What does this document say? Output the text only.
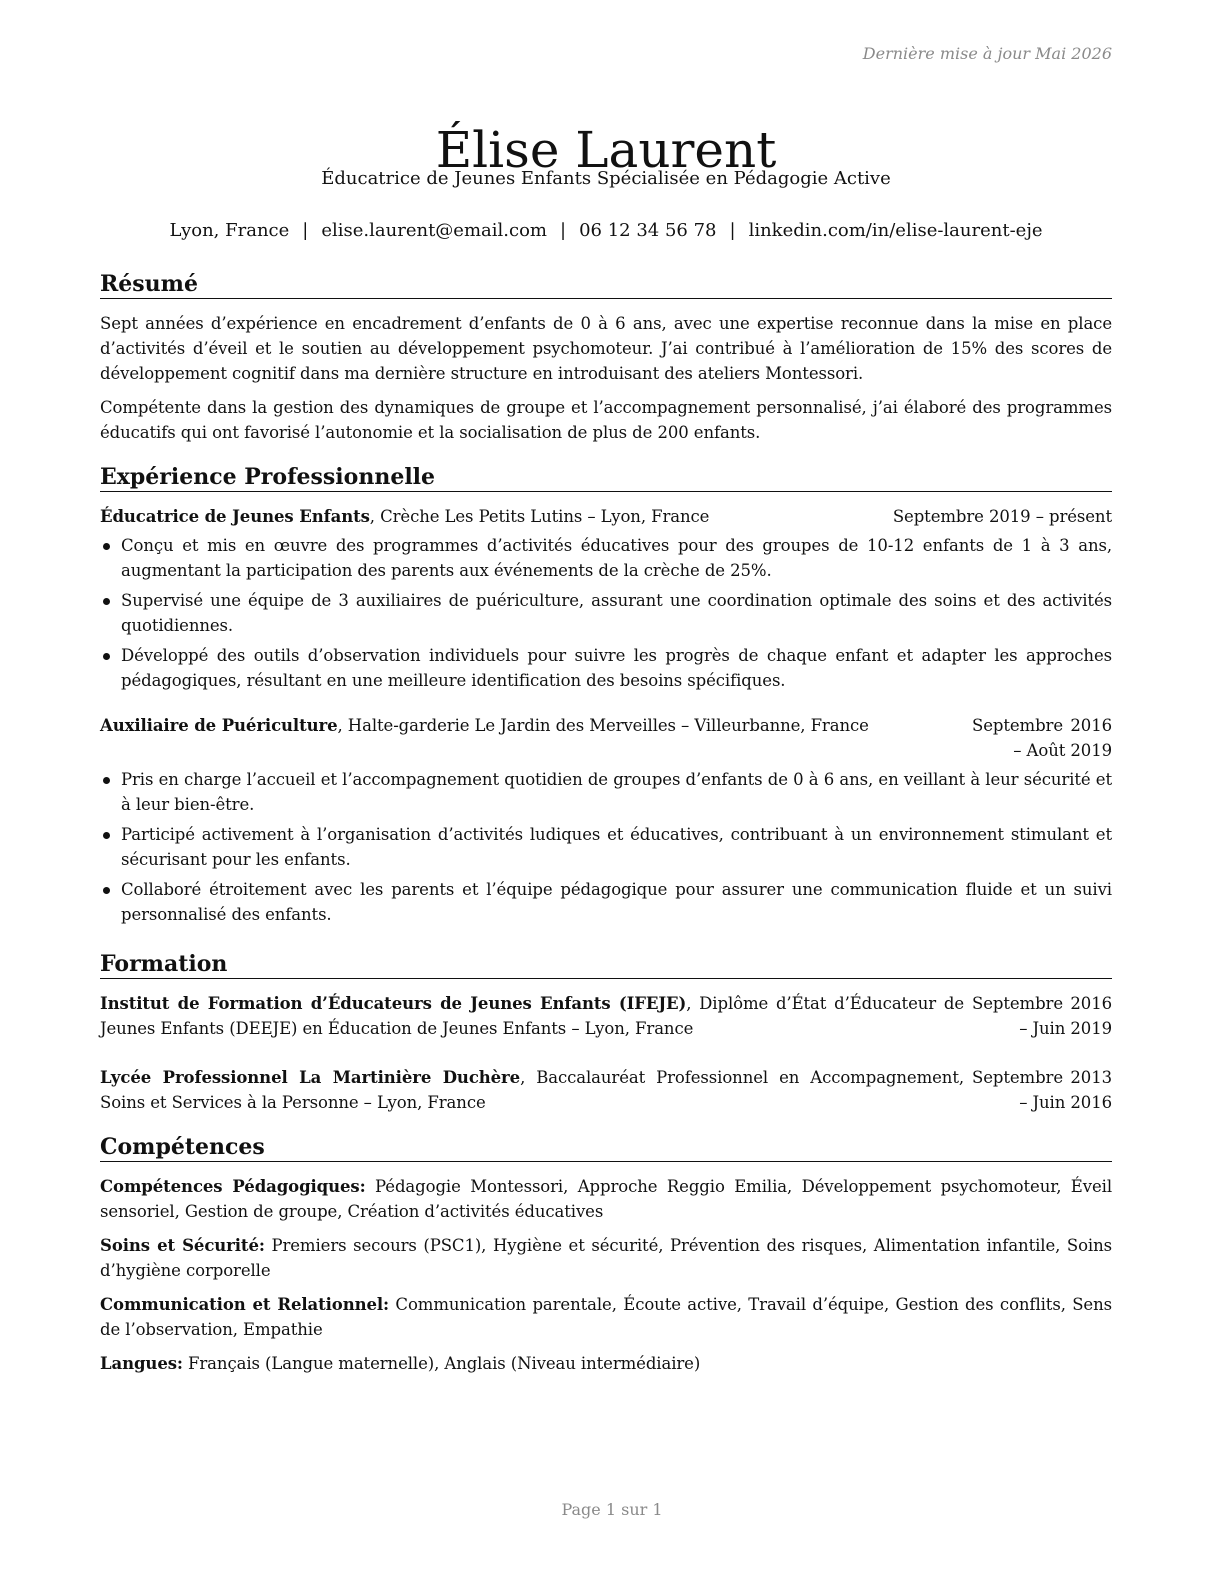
Dernière mise à jour Mai 2026
Élise Laurent
Éducatrice de Jeunes Enfants Spécialisée en Pédagogie Active
Lyon, France | elise.laurent@email.com | 06 12 34 56 78 | linkedin.com/in/elise-laurent-eje
Résumé

Sept années d’expérience en encadrement d’enfants de 0 à 6 ans, avec une expertise reconnue dans la mise en place d’activités d’éveil et le soutien au développement psychomoteur. J’ai contribué à l’amélioration de 15% des scores de développement cognitif dans ma dernière structure en introduisant des ateliers Montessori.

Compétente dans la gestion des dynamiques de groupe et l’accompagnement personnalisé, j’ai élaboré des programmes éducatifs qui ont favorisé l’autonomie et la socialisation de plus de 200 enfants.

Expérience Professionnelle
Éducatrice de Jeunes Enfants, Crèche Les Petits Lutins – Lyon, France	Septembre 2019 – présent
Conçu et mis en œuvre des programmes d’activités éducatives pour des groupes de 10-12 enfants de 1 à 3 ans, augmentant la participation des parents aux événements de la crèche de 25%.
Supervisé une équipe de 3 auxiliaires de puériculture, assurant une coordination optimale des soins et des activités quotidiennes.
Développé des outils d’observation individuels pour suivre les progrès de chaque enfant et adapter les approches pédagogiques, résultant en une meilleure identification des besoins spécifiques.
Auxiliaire de Puériculture, Halte-garderie Le Jardin des Merveilles – Villeurbanne, France	Septembre 2016 – Août 2019
Pris en charge l’accueil et l’accompagnement quotidien de groupes d’enfants de 0 à 6 ans, en veillant à leur sécurité et à leur bien-être.
Participé activement à l’organisation d’activités ludiques et éducatives, contribuant à un environnement stimulant et sécurisant pour les enfants.
Collaboré étroitement avec les parents et l’équipe pédagogique pour assurer une communication fluide et un suivi personnalisé des enfants.
Formation
Institut de Formation d’Éducateurs de Jeunes Enfants (IFEJE), Diplôme d’État d’Éducateur de Jeunes Enfants (DEEJE) en Éducation de Jeunes Enfants – Lyon, France
Septembre 2016 – Juin 2019
Lycée Professionnel La Martinière Duchère, Baccalauréat Professionnel en Accompagnement, Soins et Services à la Personne – Lyon, France
Septembre 2013 – Juin 2016
Compétences
Compétences Pédagogiques: Pédagogie Montessori, Approche Reggio Emilia, Développement psychomoteur, Éveil sensoriel, Gestion de groupe, Création d’activités éducatives
Soins et Sécurité: Premiers secours (PSC1), Hygiène et sécurité, Prévention des risques, Alimentation infantile, Soins d’hygiène corporelle
Communication et Relationnel: Communication parentale, Écoute active, Travail d’équipe, Gestion des conflits, Sens de l’observation, Empathie
Langues: Français (Langue maternelle), Anglais (Niveau intermédiaire)
Page 1 sur 1
